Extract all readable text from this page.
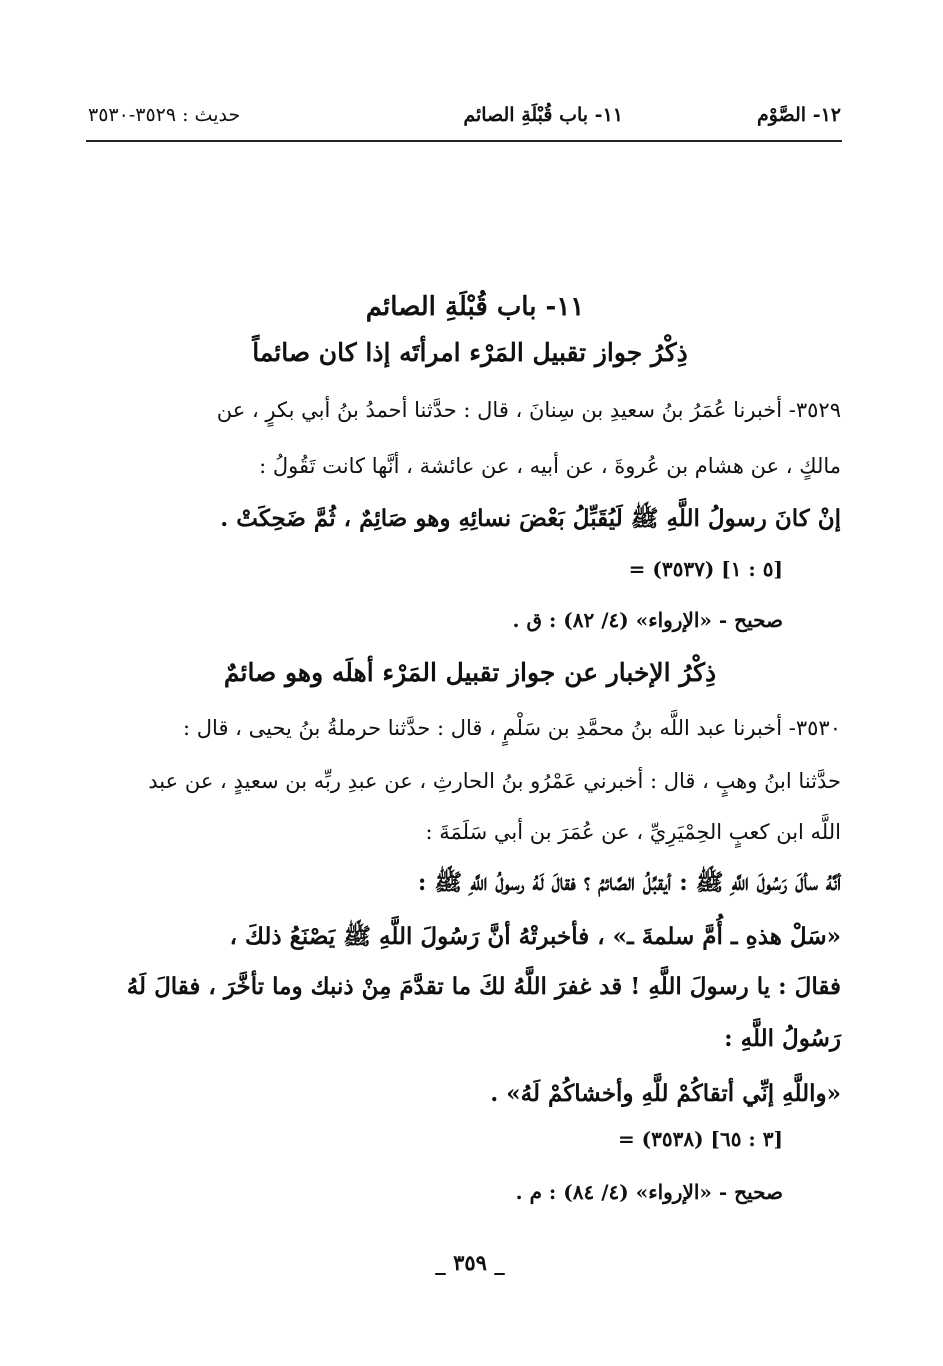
١٢- الصَّوْم
١١- باب قُبْلَةِ الصائم
حديث : ٣٥٢٩-٣٥٣٠
١١- باب قُبْلَةِ الصائم
ذِكْرُ جواز تقبيل المَرْء امرأتَه إذا كان صائماً
٣٥٢٩- أخبرنا عُمَرُ بنُ سعيدِ بن سِنانَ ، قال : حدَّثنا أحمدُ بنُ أبي بكرٍ ، عن
مالكٍ ، عن هشام بن عُروةَ ، عن أبيه ، عن عائشة ، أنَّها كانت تَقُولُ :
إنْ كانَ رسولُ اللَّهِ ﷺ لَيُقَبِّلُ بَعْضَ نسائِهِ وهو صَائِمٌ ، ثُمَّ ضَحِكَتْ .
= (٣٥٣٧) [٥ : ١]
صحيح - «الإرواء» (٤/ ٨٢) : ق .
ذِكْرُ الإخبار عن جواز تقبيل المَرْء أهلَه وهو صائمٌ
٣٥٣٠- أخبرنا عبد اللَّه بنُ محمَّدِ بن سَلْمٍ ، قال : حدَّثنا حرملةُ بنُ يحيى ، قال :
حدَّثنا ابنُ وهبٍ ، قال : أخبرني عَمْرُو بنُ الحارثِ ، عن عبدِ ربِّه بن سعيدٍ ، عن عبد
اللَّه ابن كعبٍ الحِمْيَرِيِّ ، عن عُمَرَ بن أبي سَلَمَةَ :
أنَّهُ سألَ رَسُولَ اللَّهِ ﷺ : أيقبِّلُ الصَّائمُ ؟ فقالَ لَهُ رسولُ اللَّهِ ﷺ :
«سَلْ هذهِ ـ أُمَّ سلمةَ ـ» ، فأخبرتْهُ أنَّ رَسُولَ اللَّهِ ﷺ يَصْنَعُ ذلكَ ،
فقالَ : يا رسولَ اللَّهِ ! قد غفرَ اللَّهُ لكَ ما تقدَّمَ مِنْ ذنبك وما تأخَّرَ ، فقالَ لَهُ
رَسُولُ اللَّهِ :
«واللَّهِ إنِّي أتقاكُمْ للَّهِ وأخشاكُمْ لَهُ» .
= (٣٥٣٨) [٣ : ٦٥]
صحيح - «الإرواء» (٤/ ٨٤) : م .
_ ٣٥٩ _
